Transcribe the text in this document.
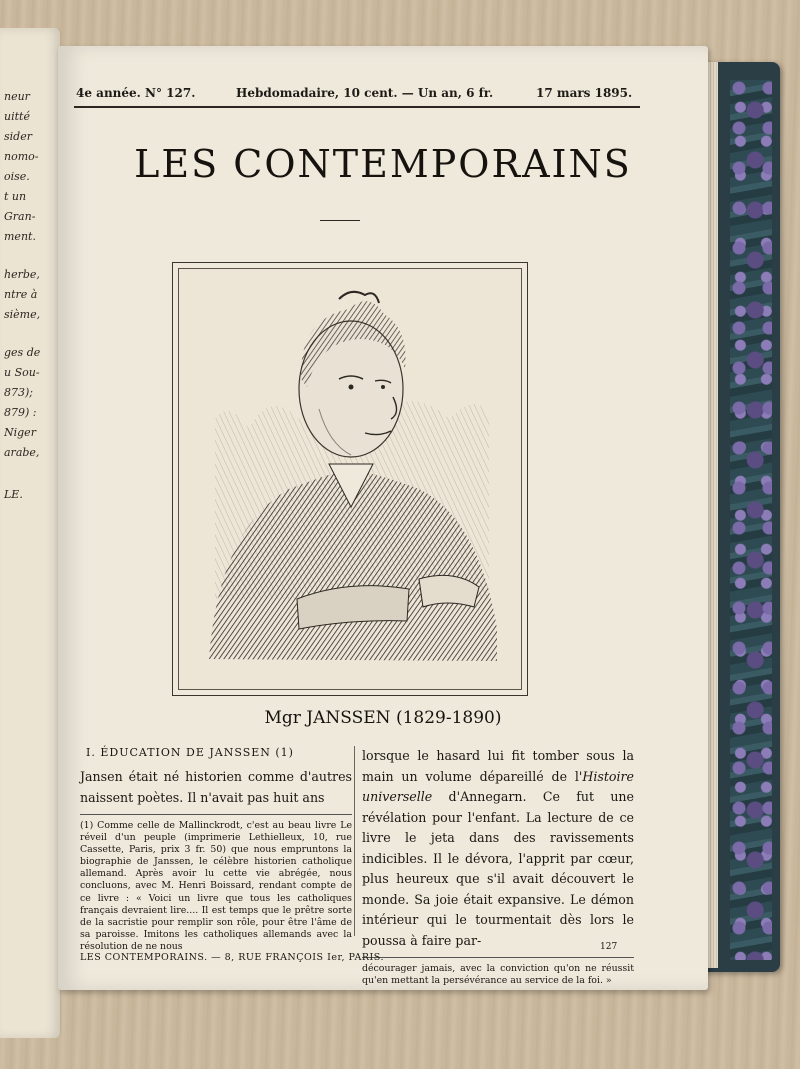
neur
uitté
sider
nomo-
oise.
t un
Gran-
ment.
herbe,
ntre à
sième,
ges de
u Sou-
873);
879) :
Niger
arabe,
LE.
4e année. N° 127.	Hebdomadaire, 10 cent. — Un an, 6 fr.	17 mars 1895.
LES CONTEMPORAINS
Mgr JANSSEN (1829-1890)
I. ÉDUCATION DE JANSSEN (1)

Jansen était né historien comme d'autres naissent poètes. Il n'avait pas huit ans

(1) Comme celle de Mallinckrodt, c'est au beau livre Le réveil d'un peuple (imprimerie Lethielleux, 10, rue Cassette, Paris, prix 3 fr. 50) que nous empruntons la biographie de Janssen, le célèbre historien catholique allemand. Après avoir lu cette vie abrégée, nous concluons, avec M. Henri Boissard, rendant compte de ce livre : « Voici un livre que tous les catholiques français devraient lire.... Il est temps que le prêtre sorte de la sacristie pour remplir son rôle, pour être l'âme de sa paroisse. Imitons les catholiques allemands avec la résolution de ne nous

lorsque le hasard lui fit tomber sous la main un volume dépareillé de l'Histoire universelle d'Annegarn. Ce fut une révélation pour l'enfant. La lecture de ce livre le jeta dans des ravissements indicibles. Il le dévora, l'apprit par cœur, plus heureux que s'il avait découvert le monde. Sa joie était expansive. Le démon intérieur qui le tourmentait dès lors le poussa à faire par-

décourager jamais, avec la conviction qu'on ne réussit qu'en mettant la persévérance au service de la foi. »

LES CONTEMPORAINS. — 8, RUE FRANÇOIS Ier, PARIS.
127
